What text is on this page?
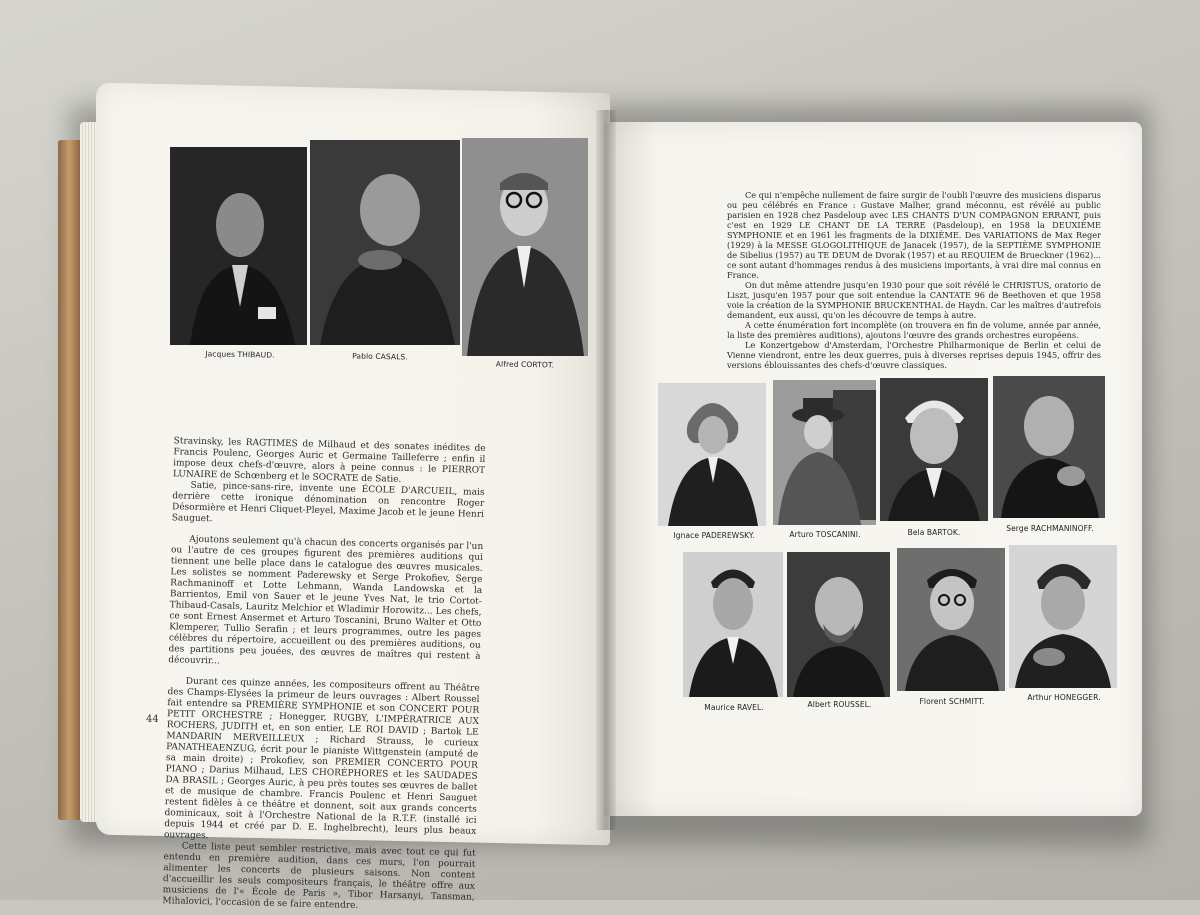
Jacques THIBAUD.	Pablo CASALS.
Alfred CORTOT.

Stravinsky, les RAGTIMES de Milhaud et des sonates inédites de Francis Poulenc, Georges Auric et Germaine Tailleferre ; enfin il impose deux chefs-d'œuvre, alors à peine connus : le PIERROT LUNAIRE de Schœnberg et le SOCRATE de Satie.

Satie, pince-sans-rire, invente une ÉCOLE D'ARCUEIL, mais derrière cette ironique dénomination on rencontre Roger Désormière et Henri Cliquet-Pleyel, Maxime Jacob et le jeune Henri Sauguet.

Ajoutons seulement qu'à chacun des concerts organisés par l'un ou l'autre de ces groupes figurent des premières auditions qui tiennent une belle place dans le catalogue des œuvres musicales. Les solistes se nomment Paderewsky et Serge Prokofiev, Serge Rachmaninoff et Lotte Lehmann, Wanda Landowska et la Barrientos, Emil von Sauer et le jeune Yves Nat, le trio Cortot-Thibaud-Casals, Lauritz Melchior et Wladimir Horowitz... Les chefs, ce sont Ernest Ansermet et Arturo Toscanini, Bruno Walter et Otto Klemperer, Tullio Serafin ; et leurs programmes, outre les pages célèbres du répertoire, accueillent ou des premières auditions, ou des partitions peu jouées, des œuvres de maîtres qui restent à découvrir...

Durant ces quinze années, les compositeurs offrent au Théâtre des Champs-Elysées la primeur de leurs ouvrages : Albert Roussel fait entendre sa PREMIÈRE SYMPHONIE et son CONCERT POUR PETIT ORCHESTRE ; Honegger, RUGBY, L'IMPÉRATRICE AUX ROCHERS, JUDITH et, en son entier, LE ROI DAVID ; Bartok LE MANDARIN MERVEILLEUX ; Richard Strauss, le curieux PANATHEAENZUG, écrit pour le pianiste Wittgenstein (amputé de sa main droite) ; Prokofiev, son PREMIER CONCERTO POUR PIANO ; Darius Milhaud, LES CHORÉPHORES et les SAUDADES DA BRASIL ; Georges Auric, à peu près toutes ses œuvres de ballet et de musique de chambre. Francis Poulenc et Henri Sauguet restent fidèles à ce théâtre et donnent, soit aux grands concerts dominicaux, soit à l'Orchestre National de la R.T.F. (installé ici depuis 1944 et créé par D. E. Inghelbrecht), leurs plus beaux ouvrages.

Cette liste peut sembler restrictive, mais avec tout ce qui fut entendu en première audition, dans ces murs, l'on pourrait alimenter les concerts de plusieurs saisons. Non content d'accueillir les seuls compositeurs français, le théâtre offre aux musiciens de l'« École de Paris », Tibor Harsanyi, Tansman, Mihalovici, l'occasion de se faire entendre.

44

Ce qui n'empêche nullement de faire surgir de l'oubli l'œuvre des musiciens disparus ou peu célébrés en France : Gustave Malher, grand méconnu, est révélé au public parisien en 1928 chez Pasdeloup avec LES CHANTS D'UN COMPAGNON ERRANT, puis c'est en 1929 LE CHANT DE LA TERRE (Pasdeloup), en 1958 la DEUXIÈME SYMPHONIE et en 1961 les fragments de la DIXIÈME. Des VARIATIONS de Max Reger (1929) à la MESSE GLOGOLITHIQUE de Janacek (1957), de la SEPTIÈME SYMPHONIE de Sibelius (1957) au TE DEUM de Dvorak (1957) et au REQUIEM de Brueckner (1962)... ce sont autant d'hommages rendus à des musiciens importants, à vrai dire mal connus en France.

On dut même attendre jusqu'en 1930 pour que soit révélé le CHRISTUS, oratorio de Liszt, jusqu'en 1957 pour que soit entendue la CANTATE 96 de Beethoven et que 1958 voie la création de la SYMPHONIE BRUCKENTHAL de Haydn. Car les maîtres d'autrefois demandent, eux aussi, qu'on les découvre de temps à autre.

A cette énumération fort incomplète (on trouvera en fin de volume, année par année, la liste des premières auditions), ajoutons l'œuvre des grands orchestres européens.

Le Konzertgebow d'Amsterdam, l'Orchestre Philharmonique de Berlin et celui de Vienne viendront, entre les deux guerres, puis à diverses reprises depuis 1945, offrir des versions éblouissantes des chefs-d'œuvre classiques.

Ignace PADEREWSKY.	Arturo TOSCANINI.	Bela BARTOK.	Serge RACHMANINOFF.
Maurice RAVEL.	Albert ROUSSEL.	Florent SCHMITT.	Arthur HONEGGER.
